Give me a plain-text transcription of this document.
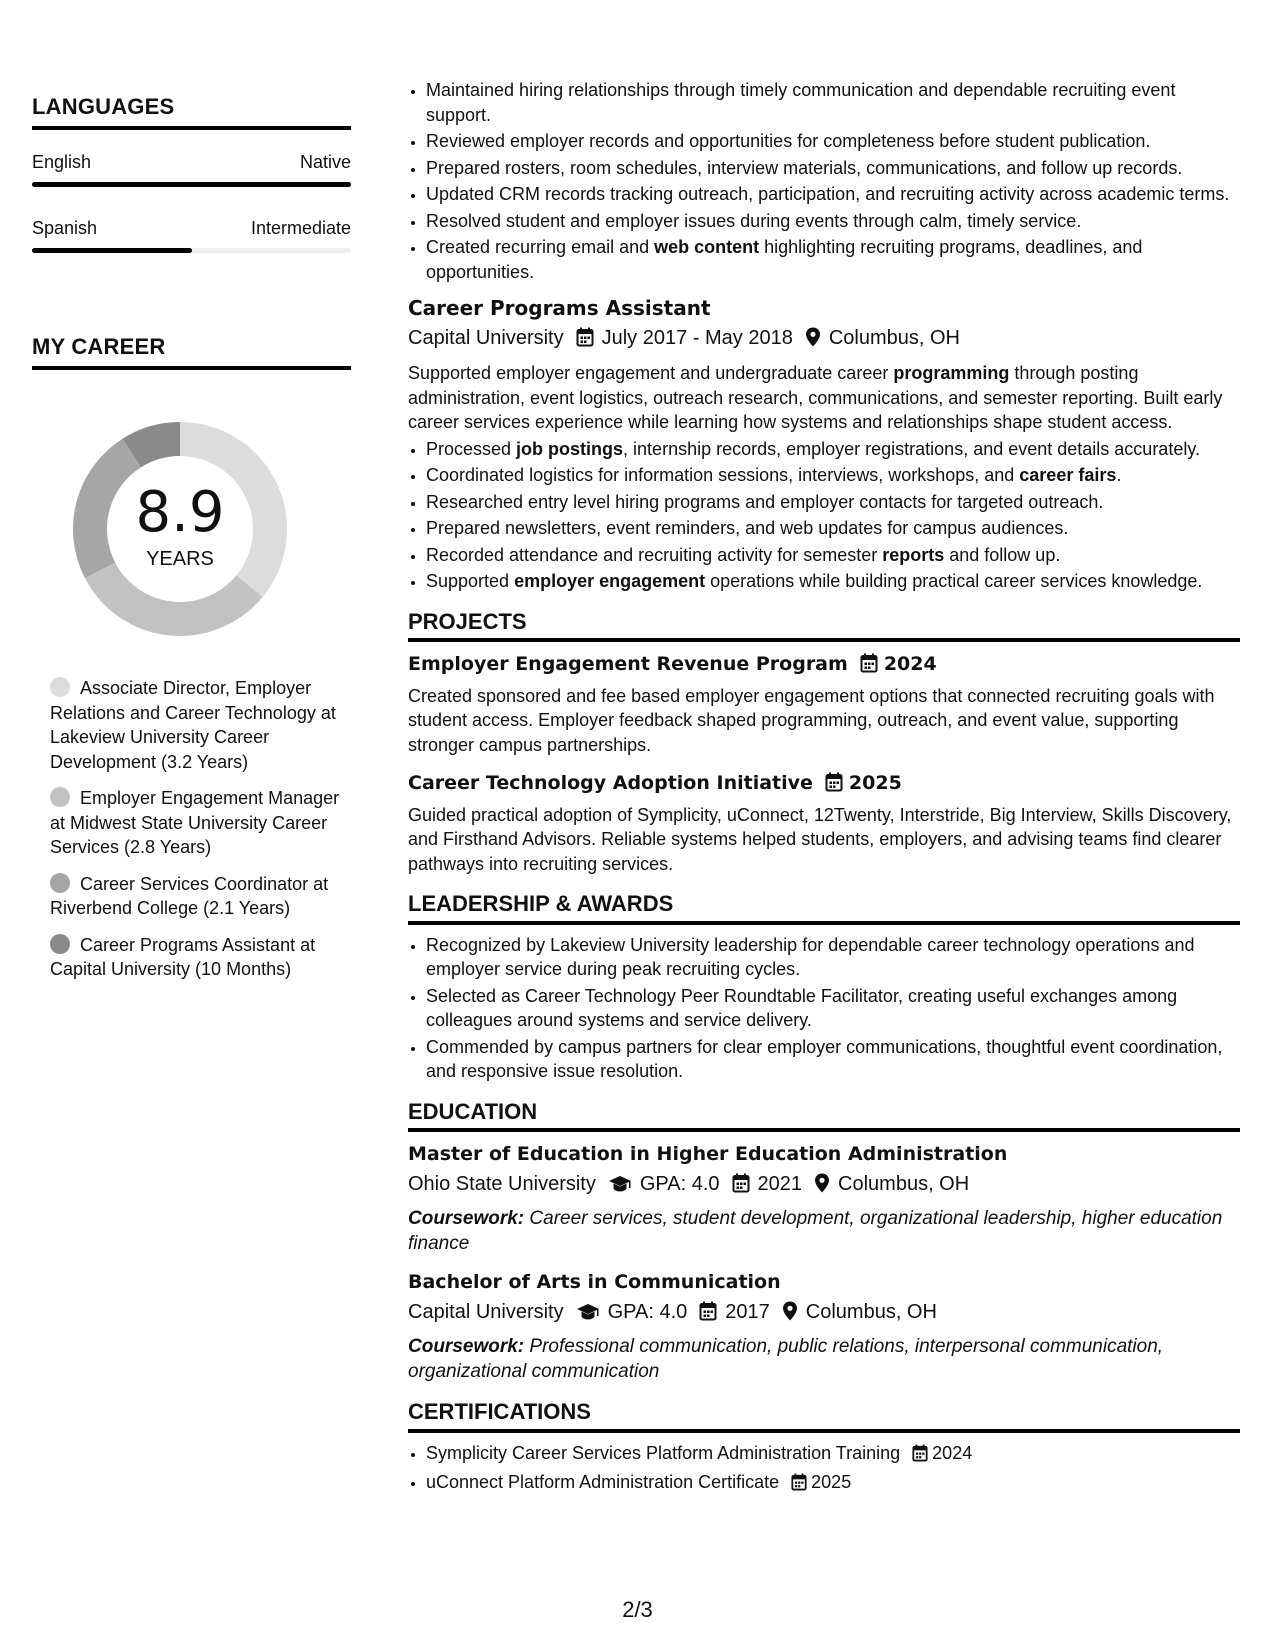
LANGUAGES
English	Native
Spanish	Intermediate
MY CAREER
8.9
YEARS
Associate Director, Employer Relations and Career Technology at Lakeview University Career Development (3.2 Years)
Employer Engagement Manager at Midwest State University Career Services (2.8 Years)
Career Services Coordinator at Riverbend College (2.1 Years)
Career Programs Assistant at Capital University (10 Months)
• Maintained hiring relationships through timely communication and dependable recruiting event support.
• Reviewed employer records and opportunities for completeness before student publication.
• Prepared rosters, room schedules, interview materials, communications, and follow up records.
• Updated CRM records tracking outreach, participation, and recruiting activity across academic terms.
• Resolved student and employer issues during events through calm, timely service.
• Created recurring email and web content highlighting recruiting programs, deadlines, and opportunities.
Career Programs Assistant
Capital University July 2017 - May 2018 Columbus, OH

Supported employer engagement and undergraduate career programming through posting administration, event logistics, outreach research, communications, and semester reporting. Built early career services experience while learning how systems and relationships shape student access.

• Processed job postings, internship records, employer registrations, and event details accurately.
• Coordinated logistics for information sessions, interviews, workshops, and career fairs.
• Researched entry level hiring programs and employer contacts for targeted outreach.
• Prepared newsletters, event reminders, and web updates for campus audiences.
• Recorded attendance and recruiting activity for semester reports and follow up.
• Supported employer engagement operations while building practical career services knowledge.
PROJECTS
Employer Engagement Revenue Program 2024

Created sponsored and fee based employer engagement options that connected recruiting goals with student access. Employer feedback shaped programming, outreach, and event value, supporting stronger campus partnerships.

Career Technology Adoption Initiative 2025

Guided practical adoption of Symplicity, uConnect, 12Twenty, Interstride, Big Interview, Skills Discovery, and Firsthand Advisors. Reliable systems helped students, employers, and advising teams find clearer pathways into recruiting services.

LEADERSHIP & AWARDS
• Recognized by Lakeview University leadership for dependable career technology operations and employer service during peak recruiting cycles.
• Selected as Career Technology Peer Roundtable Facilitator, creating useful exchanges among colleagues around systems and service delivery.
• Commended by campus partners for clear employer communications, thoughtful event coordination, and responsive issue resolution.
EDUCATION
Master of Education in Higher Education Administration
Ohio State University GPA: 4.0 2021 Columbus, OH
Coursework: Career services, student development, organizational leadership, higher education finance
Bachelor of Arts in Communication
Capital University GPA: 4.0 2017 Columbus, OH
Coursework: Professional communication, public relations, interpersonal communication, organizational communication
CERTIFICATIONS
• Symplicity Career Services Platform Administration Training 2024
• uConnect Platform Administration Certificate 2025
2/3
